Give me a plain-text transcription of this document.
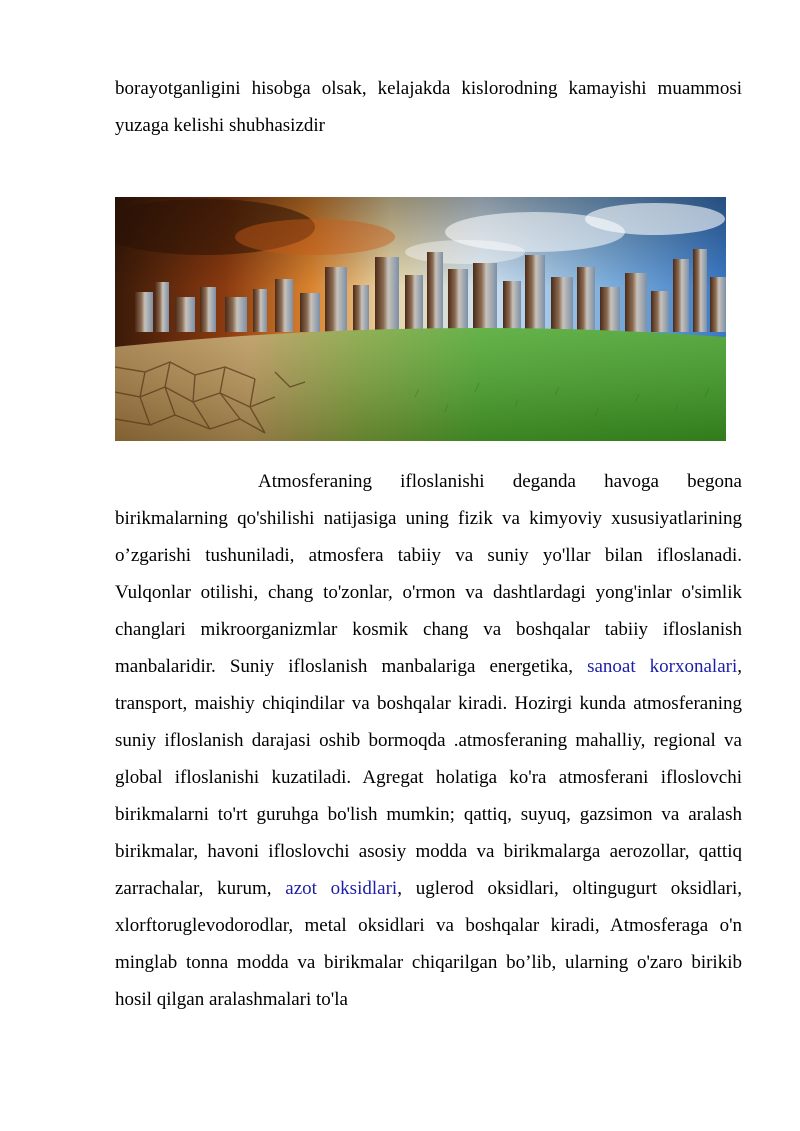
borayotganligini hisobga olsak, kelajakda kislorodning kamayishi muammosi yuzaga kelishi shubhasizdir

Atmosferaning ifloslanishi deganda havoga begona birikmalarning qo'shilishi natijasiga uning fizik va kimyoviy xususiyatlarining o’zgarishi tushuniladi, atmosfera tabiiy va suniy yo'llar bilan ifloslanadi. Vulqonlar otilishi, chang to'zonlar, o'rmon va dashtlardagi yong'inlar o'simlik changlari mikroorganizmlar kosmik chang va boshqalar tabiiy ifloslanish manbalaridir. Suniy ifloslanish manbalariga energetika, sanoat korxonalari, transport, maishiy chiqindilar va boshqalar kiradi. Hozirgi kunda atmosferaning suniy ifloslanish darajasi oshib bormoqda .atmosferaning mahalliy, regional va global ifloslanishi kuzatiladi. Agregat holatiga ko'ra atmosferani ifloslovchi birikmalarni to'rt guruhga bo'lish mumkin; qattiq, suyuq, gazsimon va aralash birikmalar, havoni ifloslovchi asosiy modda va birikmalarga aerozollar, qattiq zarrachalar, kurum, azot oksidlari, uglerod oksidlari, oltingugurt oksidlari, xlorftoruglevodorodlar, metal oksidlari va boshqalar kiradi, Atmosferaga o'n minglab tonna modda va birikmalar chiqarilgan bo’lib, ularning o'zaro birikib hosil qilgan aralashmalari to'la
